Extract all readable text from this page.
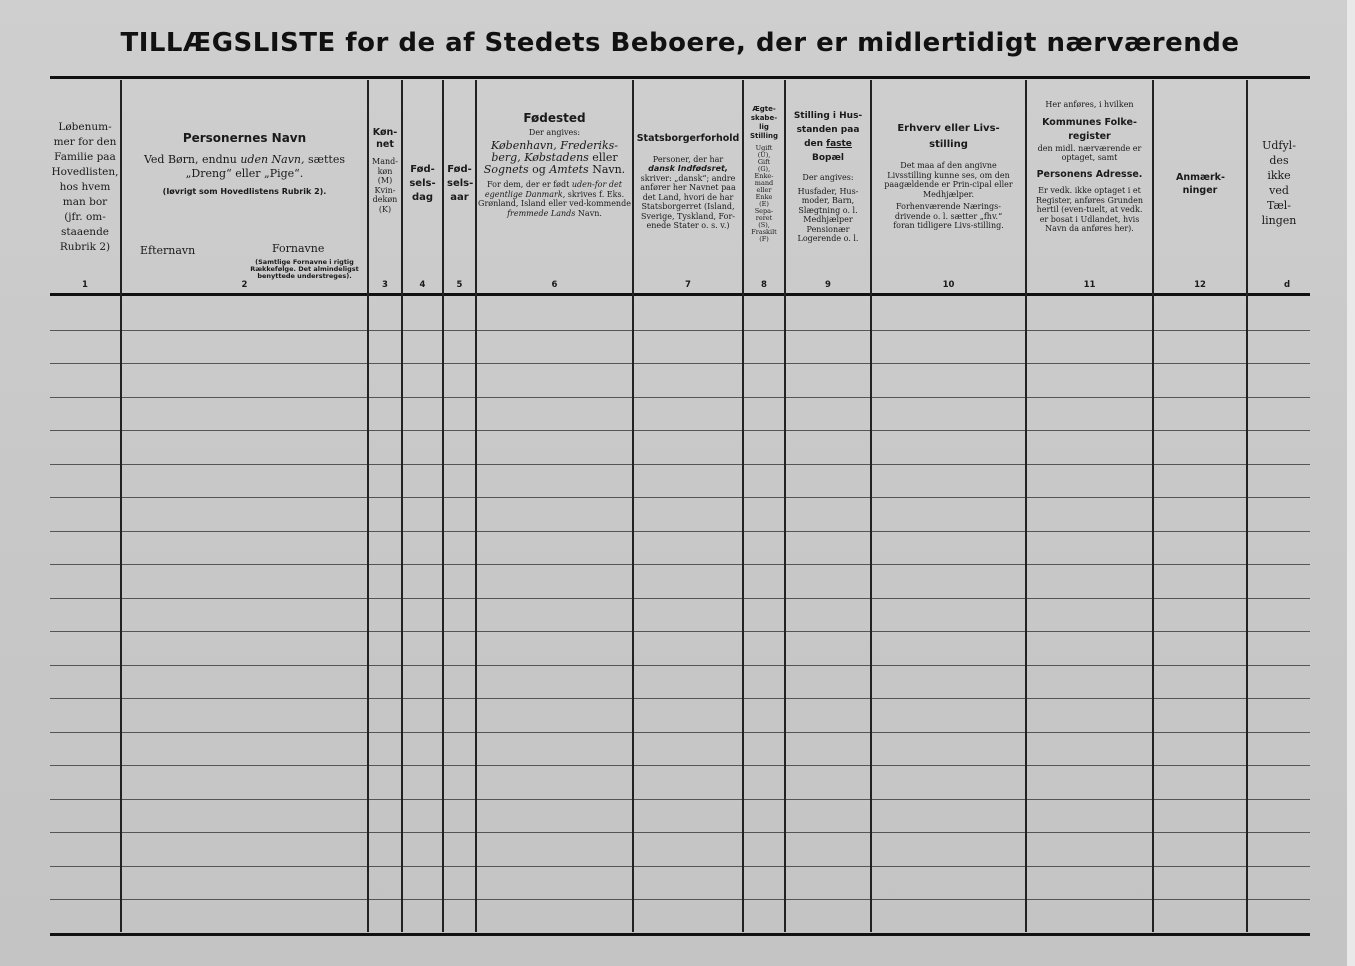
TILLÆGSLISTE for de af Stedets Beboere, der er midlertidigt nærværende

Løbenum-

mer for den

Familie paa

Hovedlisten,

hos hvem

man bor

(jfr. om-

staaende

Rubrik 2)

1

Personernes Navn

Ved Børn, endnu uden Navn, sættes

„Dreng“ eller „Pige“.

(Iøvrigt som Hovedlistens Rubrik 2).

Efternavn	Fornavne
(Samtlige Fornavne i rigtig Rækkefølge. Det almindeligst benyttede understreges).
2

Køn-net

Mand-

køn

(M)

Kvin-

dekøn

(K)

3

Fød-sels-dag

4

Fød-sels-aar

5

Fødested

Der angives:

København, Frederiks-berg, Købstadens eller Sognets og Amtets Navn.

For dem, der er født uden-for det egentlige Danmark, skrives f. Eks.

Grønland, Island eller ved-kommende fremmede Lands Navn.

6

Statsborgerforhold

Personer, der har

dansk Indfødsret,

skriver: „dansk“; andre anfører her Navnet paa det Land, hvori de har Statsborgerret (Island, Sverige, Tyskland, For-enede Stater o. s. v.)

7

Ægte-skabe-lig Stilling

Ugift

(U),

Gift

(G),

Enke-

mand

eller

Enke

(E)

Sepa-

reret

(S),

Fraskilt

(F)

8

Stilling i Hus-standen paa den faste Bopæl

Der angives:

Husfader, Hus-moder, Barn, Slægtning o. l. Medhjælper Pensionær Logerende o. l.

9

Erhverv eller Livs-stilling

Det maa af den angivne Livsstilling kunne ses, om den paagældende er Prin-cipal eller Medhjælper.

Forhenværende Nærings-drivende o. l. sætter „fhv.“ foran tidligere Livs-stilling.

10

Her anføres, i hvilken

Kommunes Folke-register

den midl. nærværende er optaget, samt

Personens Adresse.

Er vedk. ikke optaget i et Register, anføres Grunden hertil (even-tuelt, at vedk. er bosat i Udlandet, hvis Navn da anføres her).

11

Anmærk-ninger

12

Udfyl-

des

ikke

ved

Tæl-

lingen

d
